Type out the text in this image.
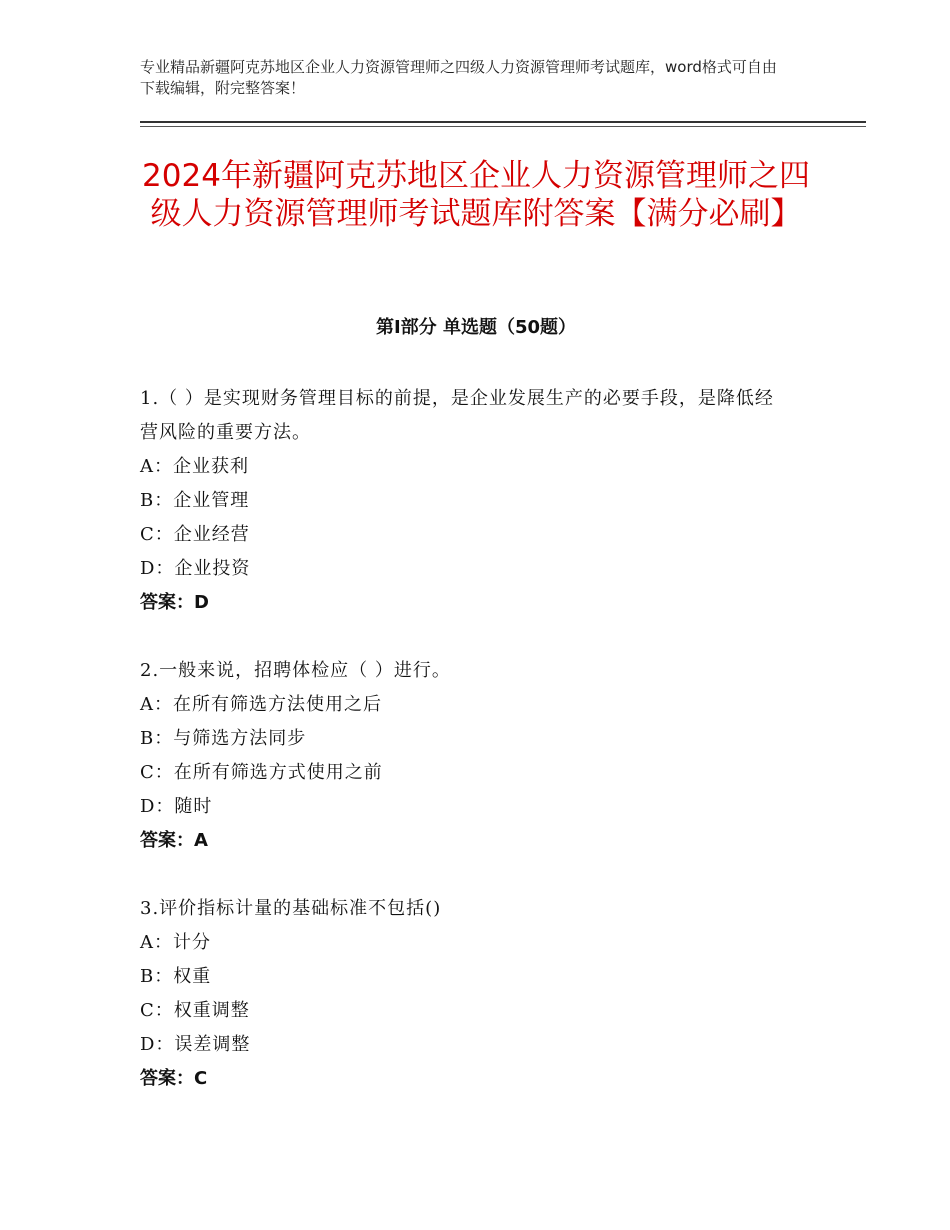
专业精品新疆阿克苏地区企业人力资源管理师之四级人力资源管理师考试题库，word格式可自由下载编辑，附完整答案！
2024年新疆阿克苏地区企业人力资源管理师之四级人力资源管理师考试题库附答案【满分必刷】
第Ⅰ部分 单选题（50题）
1.（ ）是实现财务管理目标的前提，是企业发展生产的必要手段，是降低经营风险的重要方法。
A：企业获利
B：企业管理
C：企业经营
D：企业投资
答案：D
2.一般来说，招聘体检应（ ）进行。
A：在所有筛选方法使用之后
B：与筛选方法同步
C：在所有筛选方式使用之前
D：随时
答案：A
3.评价指标计量的基础标准不包括()
A：计分
B：权重
C：权重调整
D：误差调整
答案：C
